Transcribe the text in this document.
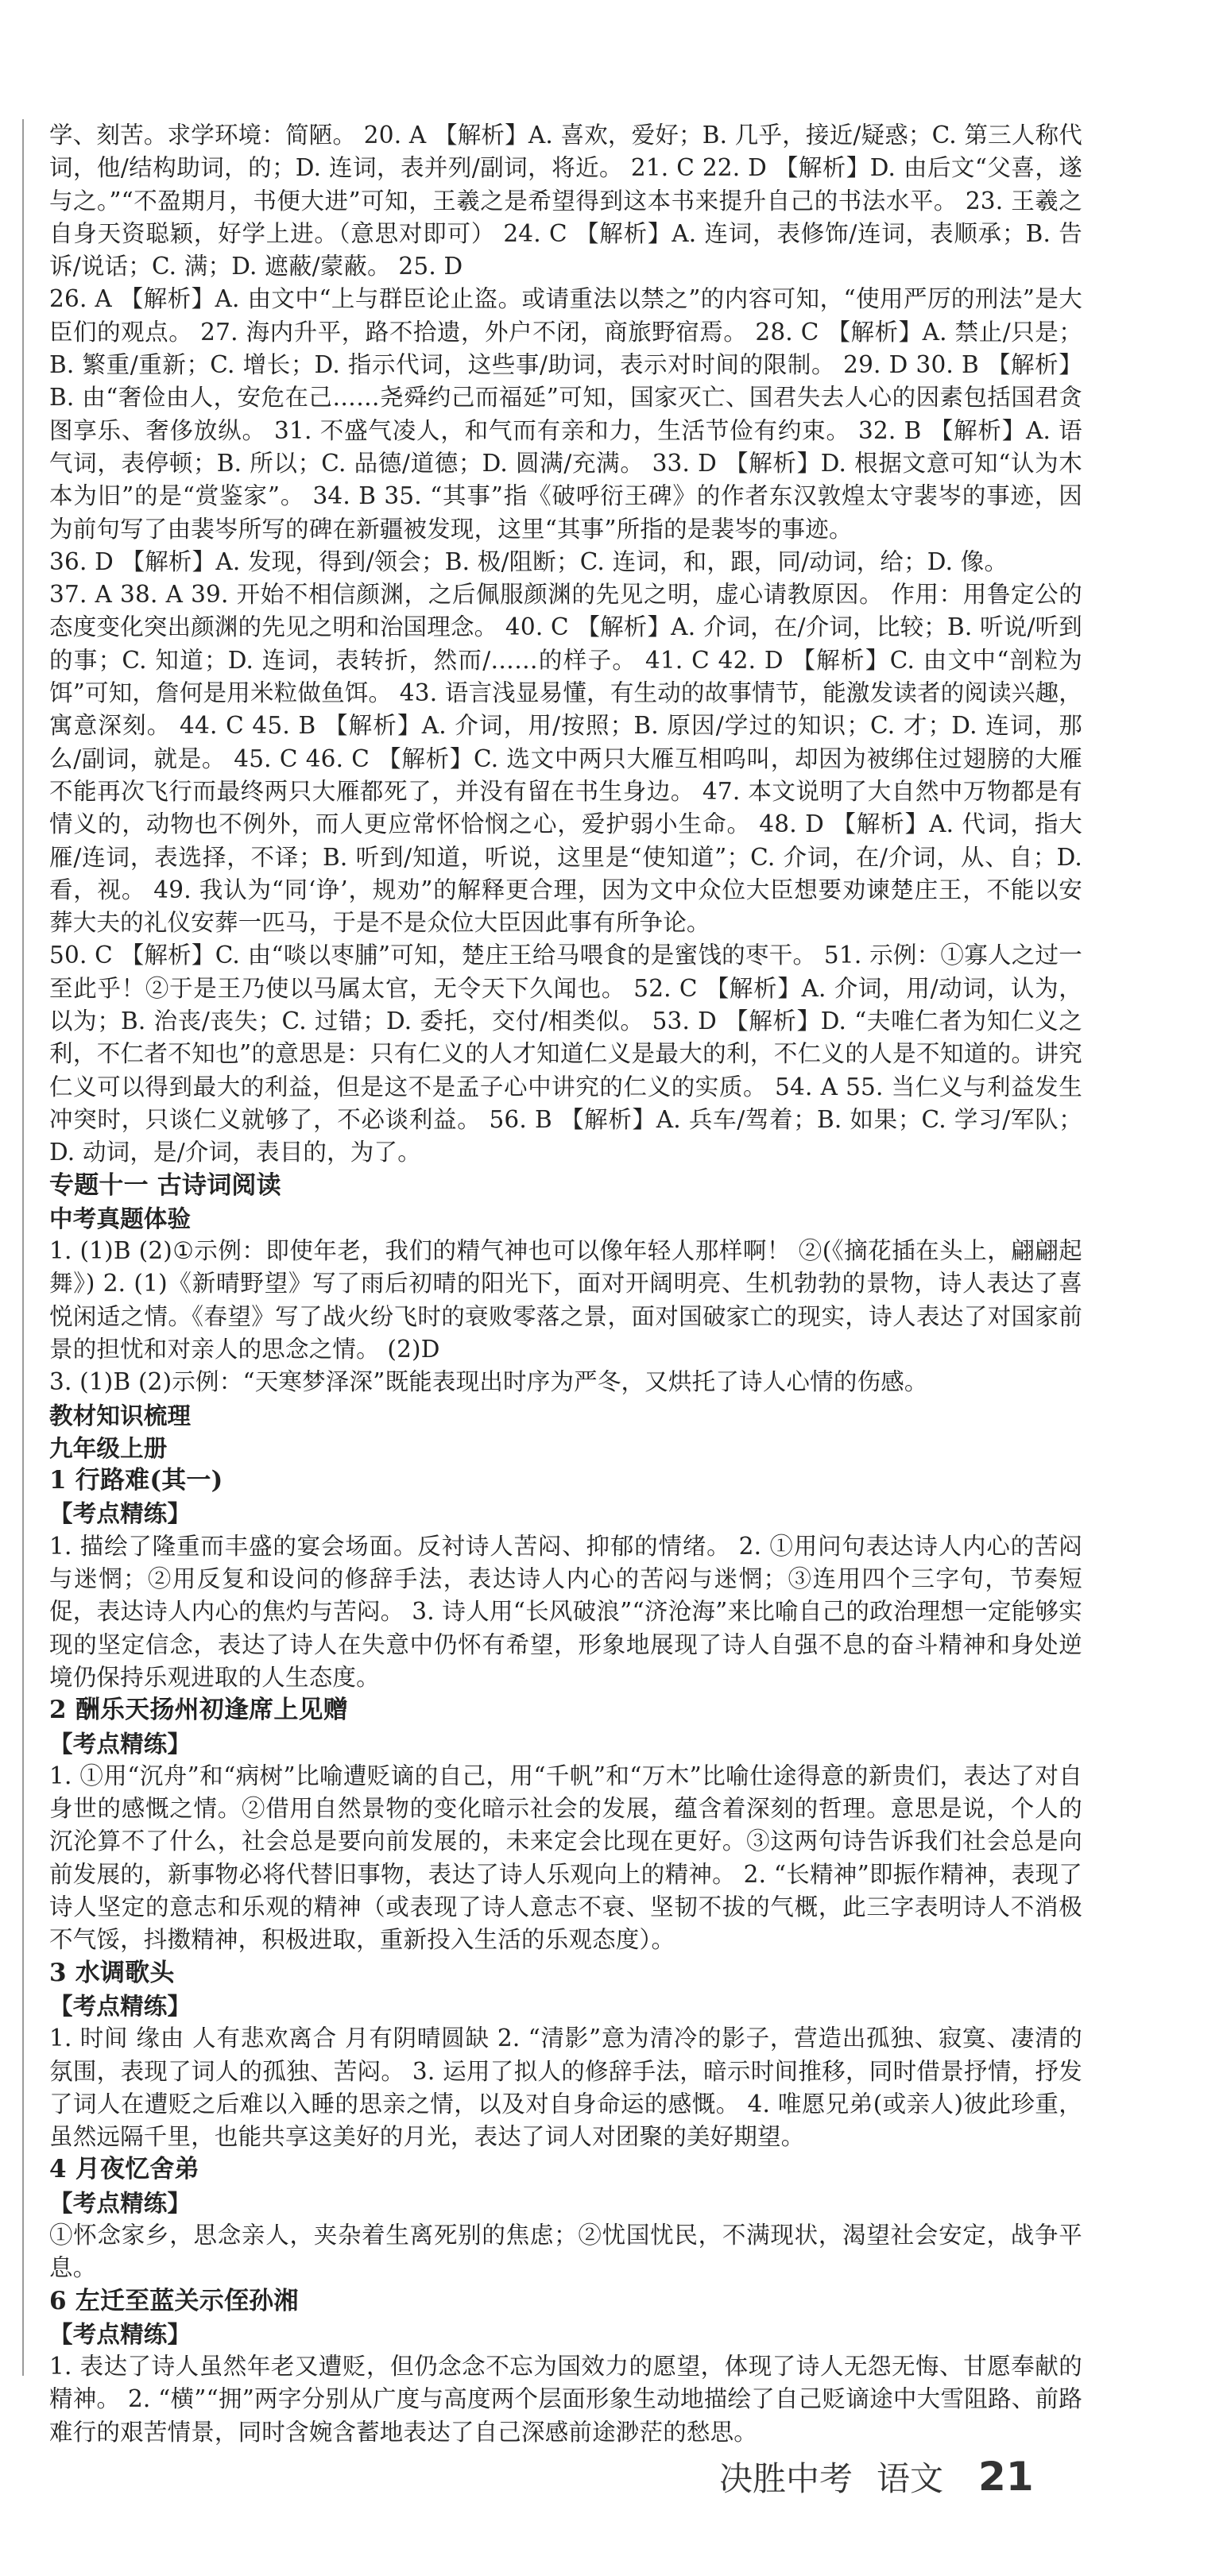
学、刻苦。求学环境：简陋。 20. A 【解析】A. 喜欢，爱好；B. 几乎，接近/疑惑；C. 第三人称代词，他/结构助词，的；D. 连词，表并列/副词，将近。 21. C 22. D 【解析】D. 由后文“父喜，遂与之。”“不盈期月，书便大进”可知，王羲之是希望得到这本书来提升自己的书法水平。 23. 王羲之自身天资聪颖，好学上进。（意思对即可） 24. C 【解析】A. 连词，表修饰/连词，表顺承；B. 告诉/说话；C. 满；D. 遮蔽/蒙蔽。 25. D

26. A 【解析】A. 由文中“上与群臣论止盗。或请重法以禁之”的内容可知，“使用严厉的刑法”是大臣们的观点。 27. 海内升平，路不拾遗，外户不闭，商旅野宿焉。 28. C 【解析】A. 禁止/只是；B. 繁重/重新；C. 增长；D. 指示代词，这些事/助词，表示对时间的限制。 29. D 30. B 【解析】B. 由“奢俭由人，安危在己……尧舜约己而福延”可知，国家灭亡、国君失去人心的因素包括国君贪图享乐、奢侈放纵。 31. 不盛气凌人，和气而有亲和力，生活节俭有约束。 32. B 【解析】A. 语气词，表停顿；B. 所以；C. 品德/道德；D. 圆满/充满。 33. D 【解析】D. 根据文意可知“认为木本为旧”的是“赏鉴家”。 34. B 35. “其事”指《破呼衍王碑》的作者东汉敦煌太守裴岑的事迹，因为前句写了由裴岑所写的碑在新疆被发现，这里“其事”所指的是裴岑的事迹。

36. D 【解析】A. 发现，得到/领会；B. 极/阻断；C. 连词，和，跟，同/动词，给；D. 像。

37. A 38. A 39. 开始不相信颜渊，之后佩服颜渊的先见之明，虚心请教原因。 作用：用鲁定公的态度变化突出颜渊的先见之明和治国理念。 40. C 【解析】A. 介词，在/介词，比较；B. 听说/听到的事；C. 知道；D. 连词，表转折，然而/……的样子。 41. C 42. D 【解析】C. 由文中“剖粒为饵”可知，詹何是用米粒做鱼饵。 43. 语言浅显易懂，有生动的故事情节，能激发读者的阅读兴趣，寓意深刻。 44. C 45. B 【解析】A. 介词，用/按照；B. 原因/学过的知识；C. 才；D. 连词，那么/副词，就是。 45. C 46. C 【解析】C. 选文中两只大雁互相呜叫，却因为被绑住过翅膀的大雁不能再次飞行而最终两只大雁都死了，并没有留在书生身边。 47. 本文说明了大自然中万物都是有情义的，动物也不例外，而人更应常怀恰悯之心，爱护弱小生命。 48. D 【解析】A. 代词，指大雁/连词，表选择，不译；B. 听到/知道，听说，这里是“使知道”；C. 介词，在/介词，从、自；D. 看，视。 49. 我认为“同‘诤’，规劝”的解释更合理，因为文中众位大臣想要劝谏楚庄王，不能以安葬大夫的礼仪安葬一匹马，于是不是众位大臣因此事有所争论。

50. C 【解析】C. 由“啖以枣脯”可知，楚庄王给马喂食的是蜜饯的枣干。 51. 示例：①寡人之过一至此乎！②于是王乃使以马属太官，无令天下久闻也。 52. C 【解析】A. 介词，用/动词，认为，以为；B. 治丧/丧失；C. 过错；D. 委托，交付/相类似。 53. D 【解析】D. “夫唯仁者为知仁义之利，不仁者不知也”的意思是：只有仁义的人才知道仁义是最大的利，不仁义的人是不知道的。讲究仁义可以得到最大的利益，但是这不是孟子心中讲究的仁义的实质。 54. A 55. 当仁义与利益发生冲突时，只谈仁义就够了，不必谈利益。 56. B 【解析】A. 兵车/驾着；B. 如果；C. 学习/军队；D. 动词，是/介词，表目的，为了。

专题十一 古诗词阅读

中考真题体验

1. (1)B (2)①示例：即使年老，我们的精气神也可以像年轻人那样啊！ ②(《摘花插在头上，翩翩起舞》) 2. (1)《新晴野望》写了雨后初晴的阳光下，面对开阔明亮、生机勃勃的景物，诗人表达了喜悦闲适之情。《春望》写了战火纷飞时的衰败零落之景，面对国破家亡的现实，诗人表达了对国家前景的担忧和对亲人的思念之情。 (2)D

3. (1)B (2)示例：“天寒梦泽深”既能表现出时序为严冬，又烘托了诗人心情的伤感。

教材知识梳理

九年级上册

1 行路难(其一)

【考点精练】

1. 描绘了隆重而丰盛的宴会场面。反衬诗人苦闷、抑郁的情绪。 2. ①用问句表达诗人内心的苦闷与迷惘；②用反复和设问的修辞手法，表达诗人内心的苦闷与迷惘；③连用四个三字句，节奏短促，表达诗人内心的焦灼与苦闷。 3. 诗人用“长风破浪”“济沧海”来比喻自己的政治理想一定能够实现的坚定信念，表达了诗人在失意中仍怀有希望，形象地展现了诗人自强不息的奋斗精神和身处逆境仍保持乐观进取的人生态度。

2 酬乐天扬州初逢席上见赠

【考点精练】

1. ①用“沉舟”和“病树”比喻遭贬谪的自己，用“千帆”和“万木”比喻仕途得意的新贵们，表达了对自身世的感慨之情。②借用自然景物的变化暗示社会的发展，蕴含着深刻的哲理。意思是说，个人的沉沦算不了什么，社会总是要向前发展的，未来定会比现在更好。③这两句诗告诉我们社会总是向前发展的，新事物必将代替旧事物，表达了诗人乐观向上的精神。 2. “长精神”即振作精神，表现了诗人坚定的意志和乐观的精神（或表现了诗人意志不衰、坚韧不拔的气概，此三字表明诗人不消极不气馁，抖擞精神，积极进取，重新投入生活的乐观态度）。

3 水调歌头

【考点精练】

1. 时间 缘由 人有悲欢离合 月有阴晴圆缺 2. “清影”意为清冷的影子，营造出孤独、寂寞、凄清的氛围，表现了词人的孤独、苦闷。 3. 运用了拟人的修辞手法，暗示时间推移，同时借景抒情，抒发了词人在遭贬之后难以入睡的思亲之情，以及对自身命运的感慨。 4. 唯愿兄弟(或亲人)彼此珍重，虽然远隔千里，也能共享这美好的月光，表达了词人对团聚的美好期望。

4 月夜忆舍弟

【考点精练】

①怀念家乡，思念亲人，夹杂着生离死别的焦虑；②忧国忧民，不满现状，渴望社会安定，战争平息。

6 左迁至蓝关示侄孙湘

【考点精练】

1. 表达了诗人虽然年老又遭贬，但仍念念不忘为国效力的愿望，体现了诗人无怨无悔、甘愿奉献的精神。 2. “横”“拥”两字分别从广度与高度两个层面形象生动地描绘了自己贬谪途中大雪阻路、前路难行的艰苦情景，同时含婉含蓄地表达了自己深感前途渺茫的愁思。

决胜中考 语文 21
